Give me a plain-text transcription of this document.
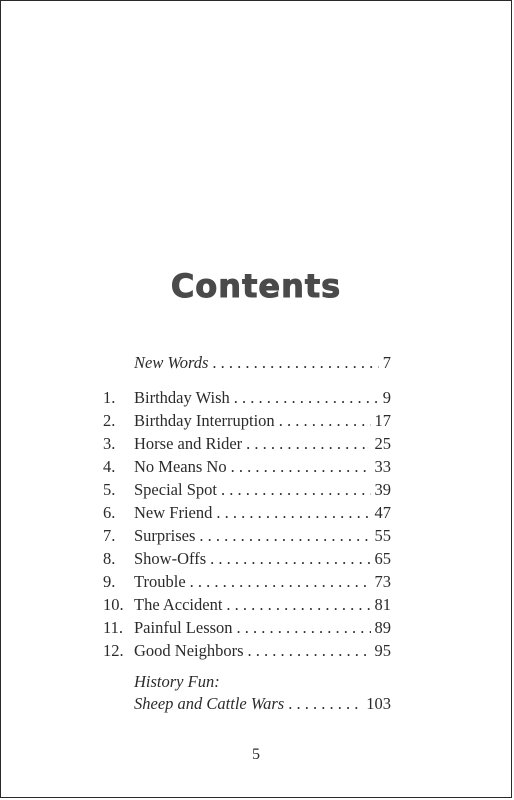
Contents
New Words . . .	7
1.	Birthday Wish . . .	9
2.	Birthday Interruption . . .	17
3.	Horse and Rider . . .	25
4.	No Means No . . .	33
5.	Special Spot . . .	39
6.	New Friend . . .	47
7.	Surprises . . .	55
8.	Show-Offs . . .	65
9.	Trouble . . .	73
10. The Accident . . .	81
11. Painful Lesson . . .	89
12. Good Neighbors . . .	95
History Fun:
Sheep and Cattle Wars . . .	103
5
